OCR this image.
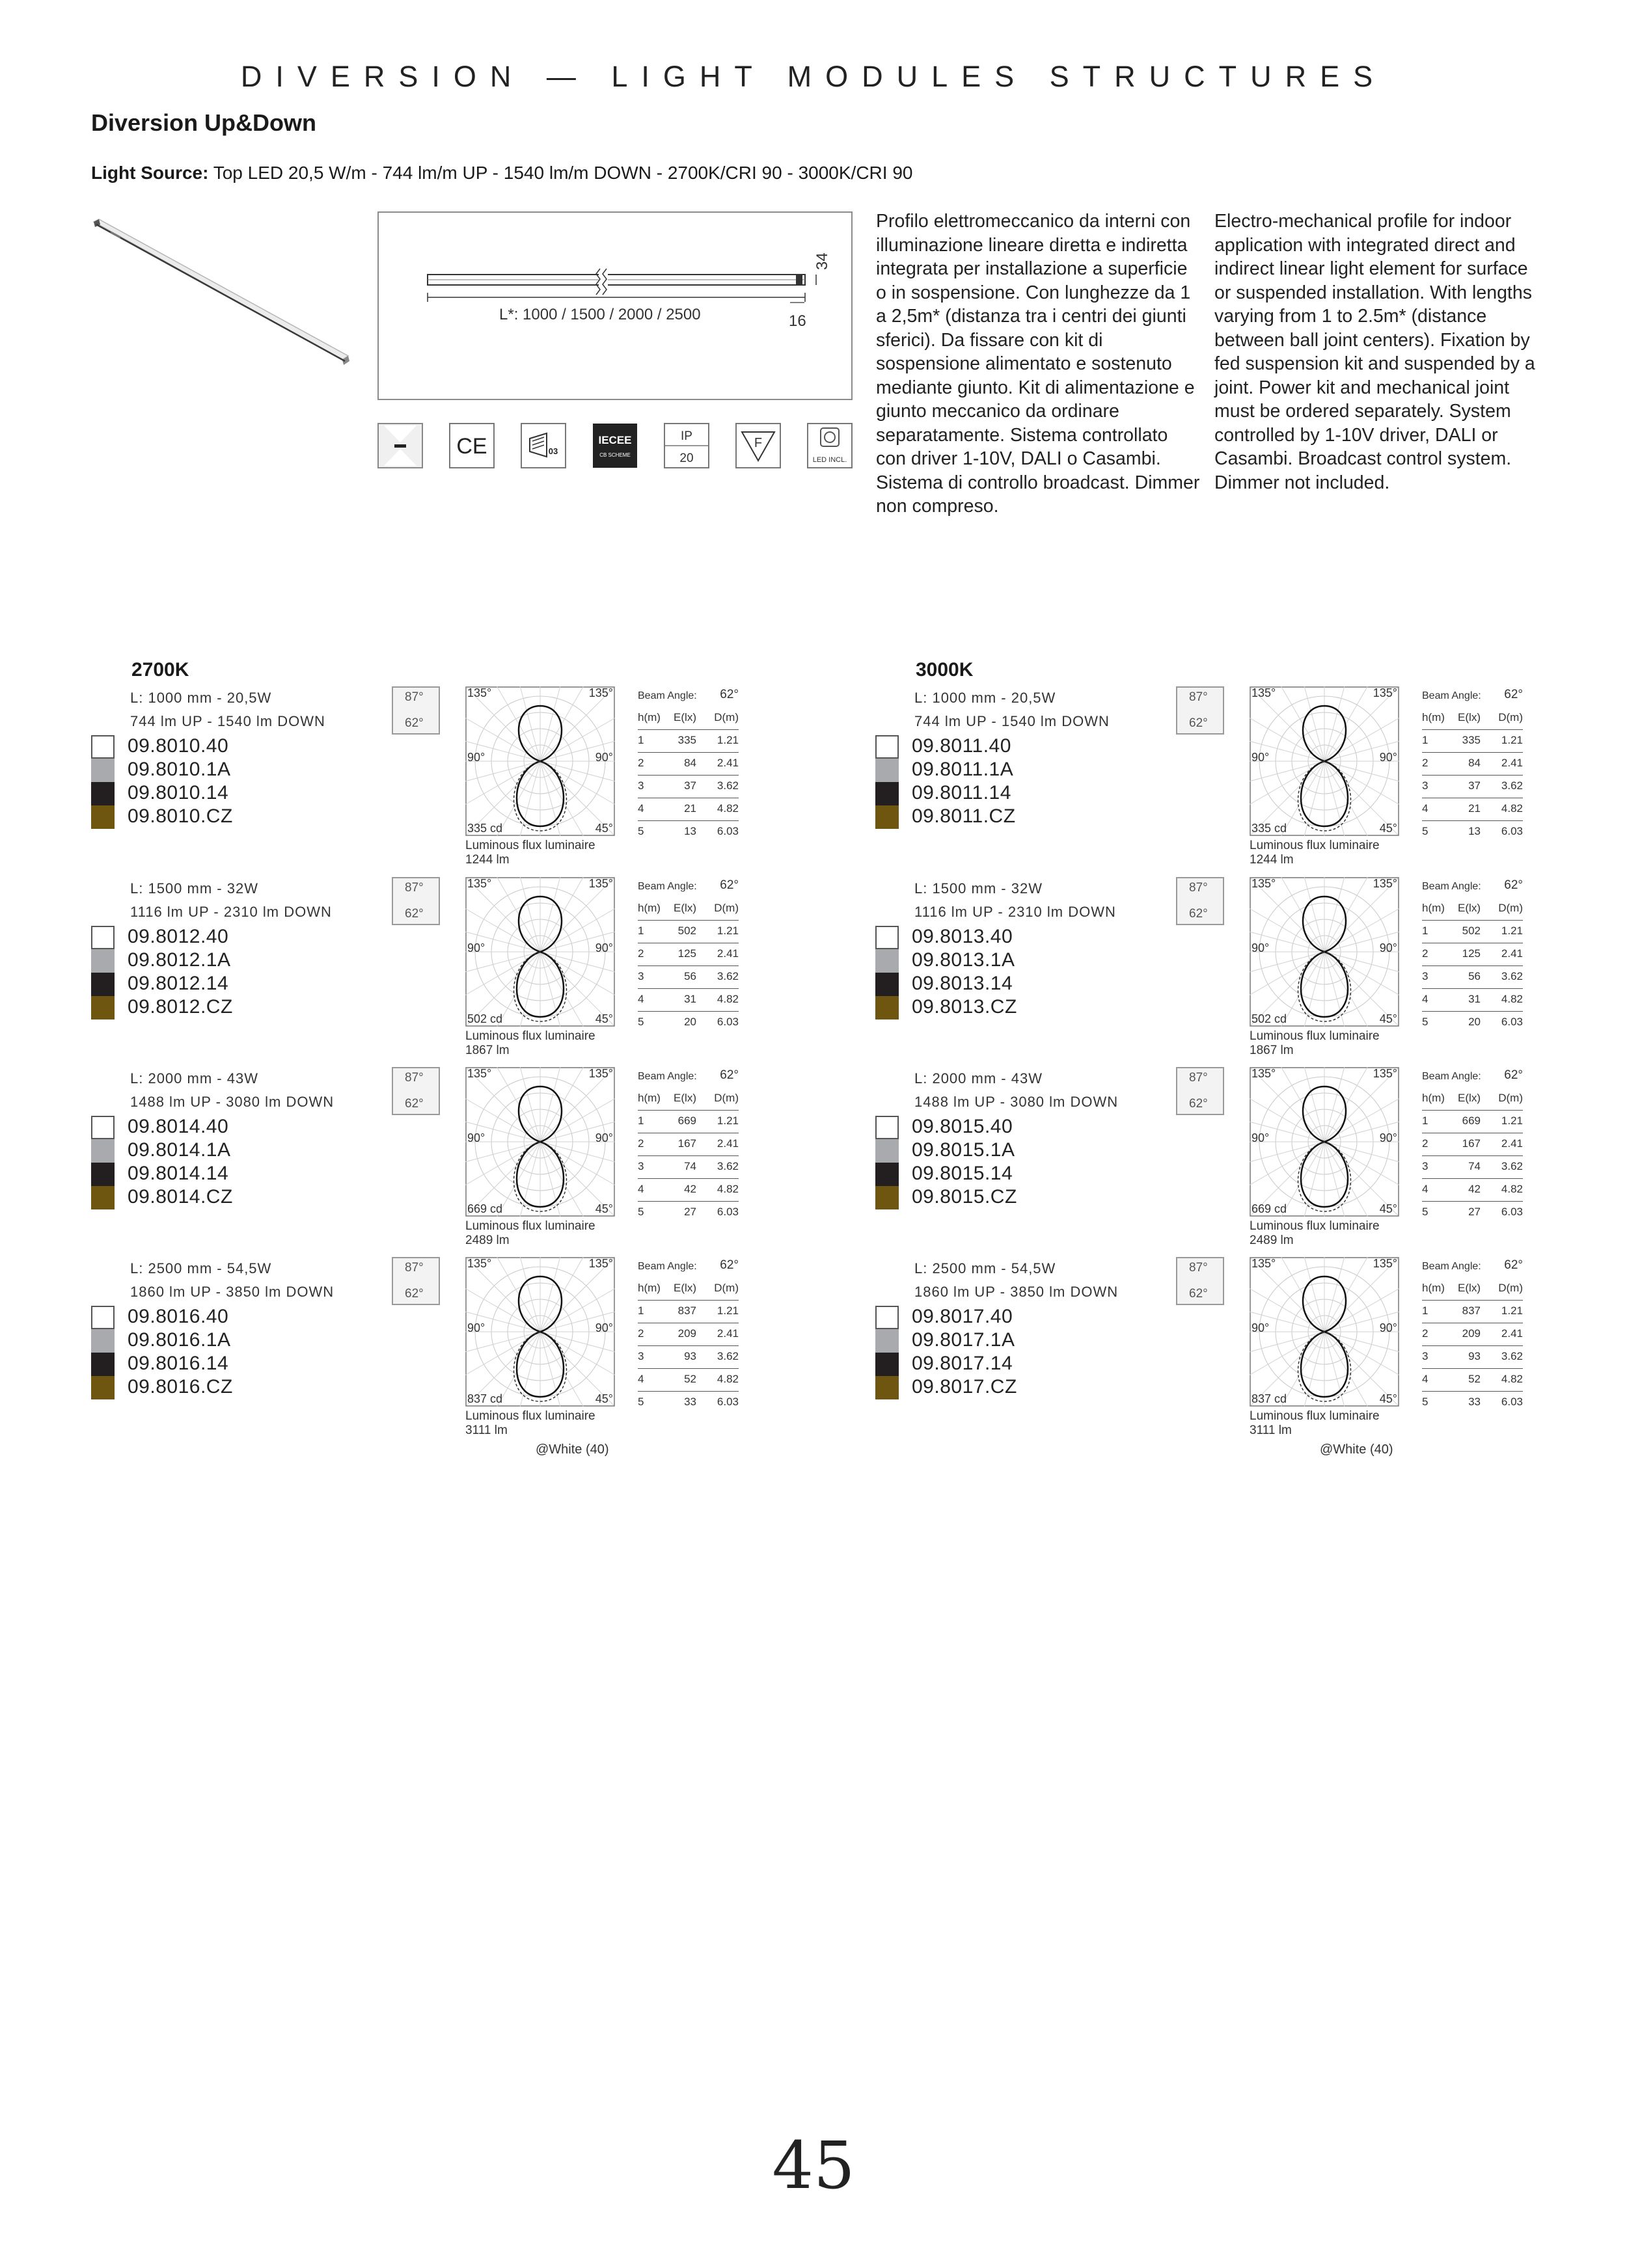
DIVERSION — LIGHT MODULES STRUCTURES
Diversion Up&Down
Light Source: Top LED 20,5 W/m - 744 lm/m UP - 1540 lm/m DOWN - 2700K/CRI 90 - 3000K/CRI 90
L*: 1000 / 1500 / 2000 / 2500	16
34
CE	03
IECEE
CB SCHEME
IP
20
F
LED INCL.
Profilo elettromeccanico da interni con illuminazione lineare diretta e indiretta integrata per installazione a superficie o in sospensione. Con lunghezze da 1 a 2,5m* (distanza tra i centri dei giunti sferici). Da fissare con kit di sospensione alimentato e sostenuto mediante giunto. Kit di alimentazione e giunto meccanico da ordinare separatamente. Sistema controllato con driver 1-10V, DALI o Casambi. Sistema di controllo broadcast. Dimmer non compreso.
Electro-mechanical profile for indoor application with integrated direct and indirect linear light element for surface or suspended installation. With lengths varying from 1 to 2.5m* (distance between ball joint centers). Fixation by fed suspension kit and suspended by a joint. Power kit and mechanical joint must be ordered separately. System controlled by 1-10V driver, DALI or Casambi. Broadcast control system. Dimmer not included.
2700K
L: 1000 mm - 20,5W
744 lm UP - 1540 lm DOWN
09.8010.40
09.8010.1A
09.8010.14
09.8010.CZ
87°
62°
135°	135°
90°	90°
335 cd	45°
Luminous flux luminaire
1244 lm
Beam Angle: 62°
h(m)	E(lx) D(m)
1	335 1.21
2	84 2.41
3	37 3.62
4	21 4.82
5	13 6.03
L: 1500 mm - 32W
1116 lm UP - 2310 lm DOWN
09.8012.40
09.8012.1A
09.8012.14
09.8012.CZ
87°
62°
135°	135°
90°	90°
502 cd	45°
Luminous flux luminaire
1867 lm
Beam Angle: 62°
h(m)	E(lx) D(m)
1	502 1.21
2	125 2.41
3	56 3.62
4	31 4.82
5	20 6.03
L: 2000 mm - 43W
1488 lm UP - 3080 lm DOWN
09.8014.40
09.8014.1A
09.8014.14
09.8014.CZ
87°
62°
135°	135°
90°	90°
669 cd	45°
Luminous flux luminaire
2489 lm
Beam Angle: 62°
h(m)	E(lx) D(m)
1	669 1.21
2	167 2.41
3	74 3.62
4	42 4.82
5	27 6.03
L: 2500 mm - 54,5W
1860 lm UP - 3850 lm DOWN
09.8016.40
09.8016.1A
09.8016.14
09.8016.CZ
87°
62°
135°	135°
90°	90°
837 cd	45°
Luminous flux luminaire
3111 lm
Beam Angle: 62°
h(m)	E(lx) D(m)
1	837 1.21
2	209 2.41
3	93 3.62
4	52 4.82
5	33 6.03
@White (40)
3000K
L: 1000 mm - 20,5W
744 lm UP - 1540 lm DOWN
09.8011.40
09.8011.1A
09.8011.14
09.8011.CZ
87°
62°
135°	135°
90°	90°
335 cd	45°
Luminous flux luminaire
1244 lm
Beam Angle: 62°
h(m)	E(lx) D(m)
1	335 1.21
2	84 2.41
3	37 3.62
4	21 4.82
5	13 6.03
L: 1500 mm - 32W
1116 lm UP - 2310 lm DOWN
09.8013.40
09.8013.1A
09.8013.14
09.8013.CZ
87°
62°
135°	135°
90°	90°
502 cd	45°
Luminous flux luminaire
1867 lm
Beam Angle: 62°
h(m)	E(lx) D(m)
1	502 1.21
2	125 2.41
3	56 3.62
4	31 4.82
5	20 6.03
L: 2000 mm - 43W
1488 lm UP - 3080 lm DOWN
09.8015.40
09.8015.1A
09.8015.14
09.8015.CZ
87°
62°
135°	135°
90°	90°
669 cd	45°
Luminous flux luminaire
2489 lm
Beam Angle: 62°
h(m)	E(lx) D(m)
1	669 1.21
2	167 2.41
3	74 3.62
4	42 4.82
5	27 6.03
L: 2500 mm - 54,5W
1860 lm UP - 3850 lm DOWN
09.8017.40
09.8017.1A
09.8017.14
09.8017.CZ
87°
62°
135°	135°
90°	90°
837 cd	45°
Luminous flux luminaire
3111 lm
Beam Angle: 62°
h(m)	E(lx) D(m)
1	837 1.21
2	209 2.41
3	93 3.62
4	52 4.82
5	33 6.03
@White (40)
45
